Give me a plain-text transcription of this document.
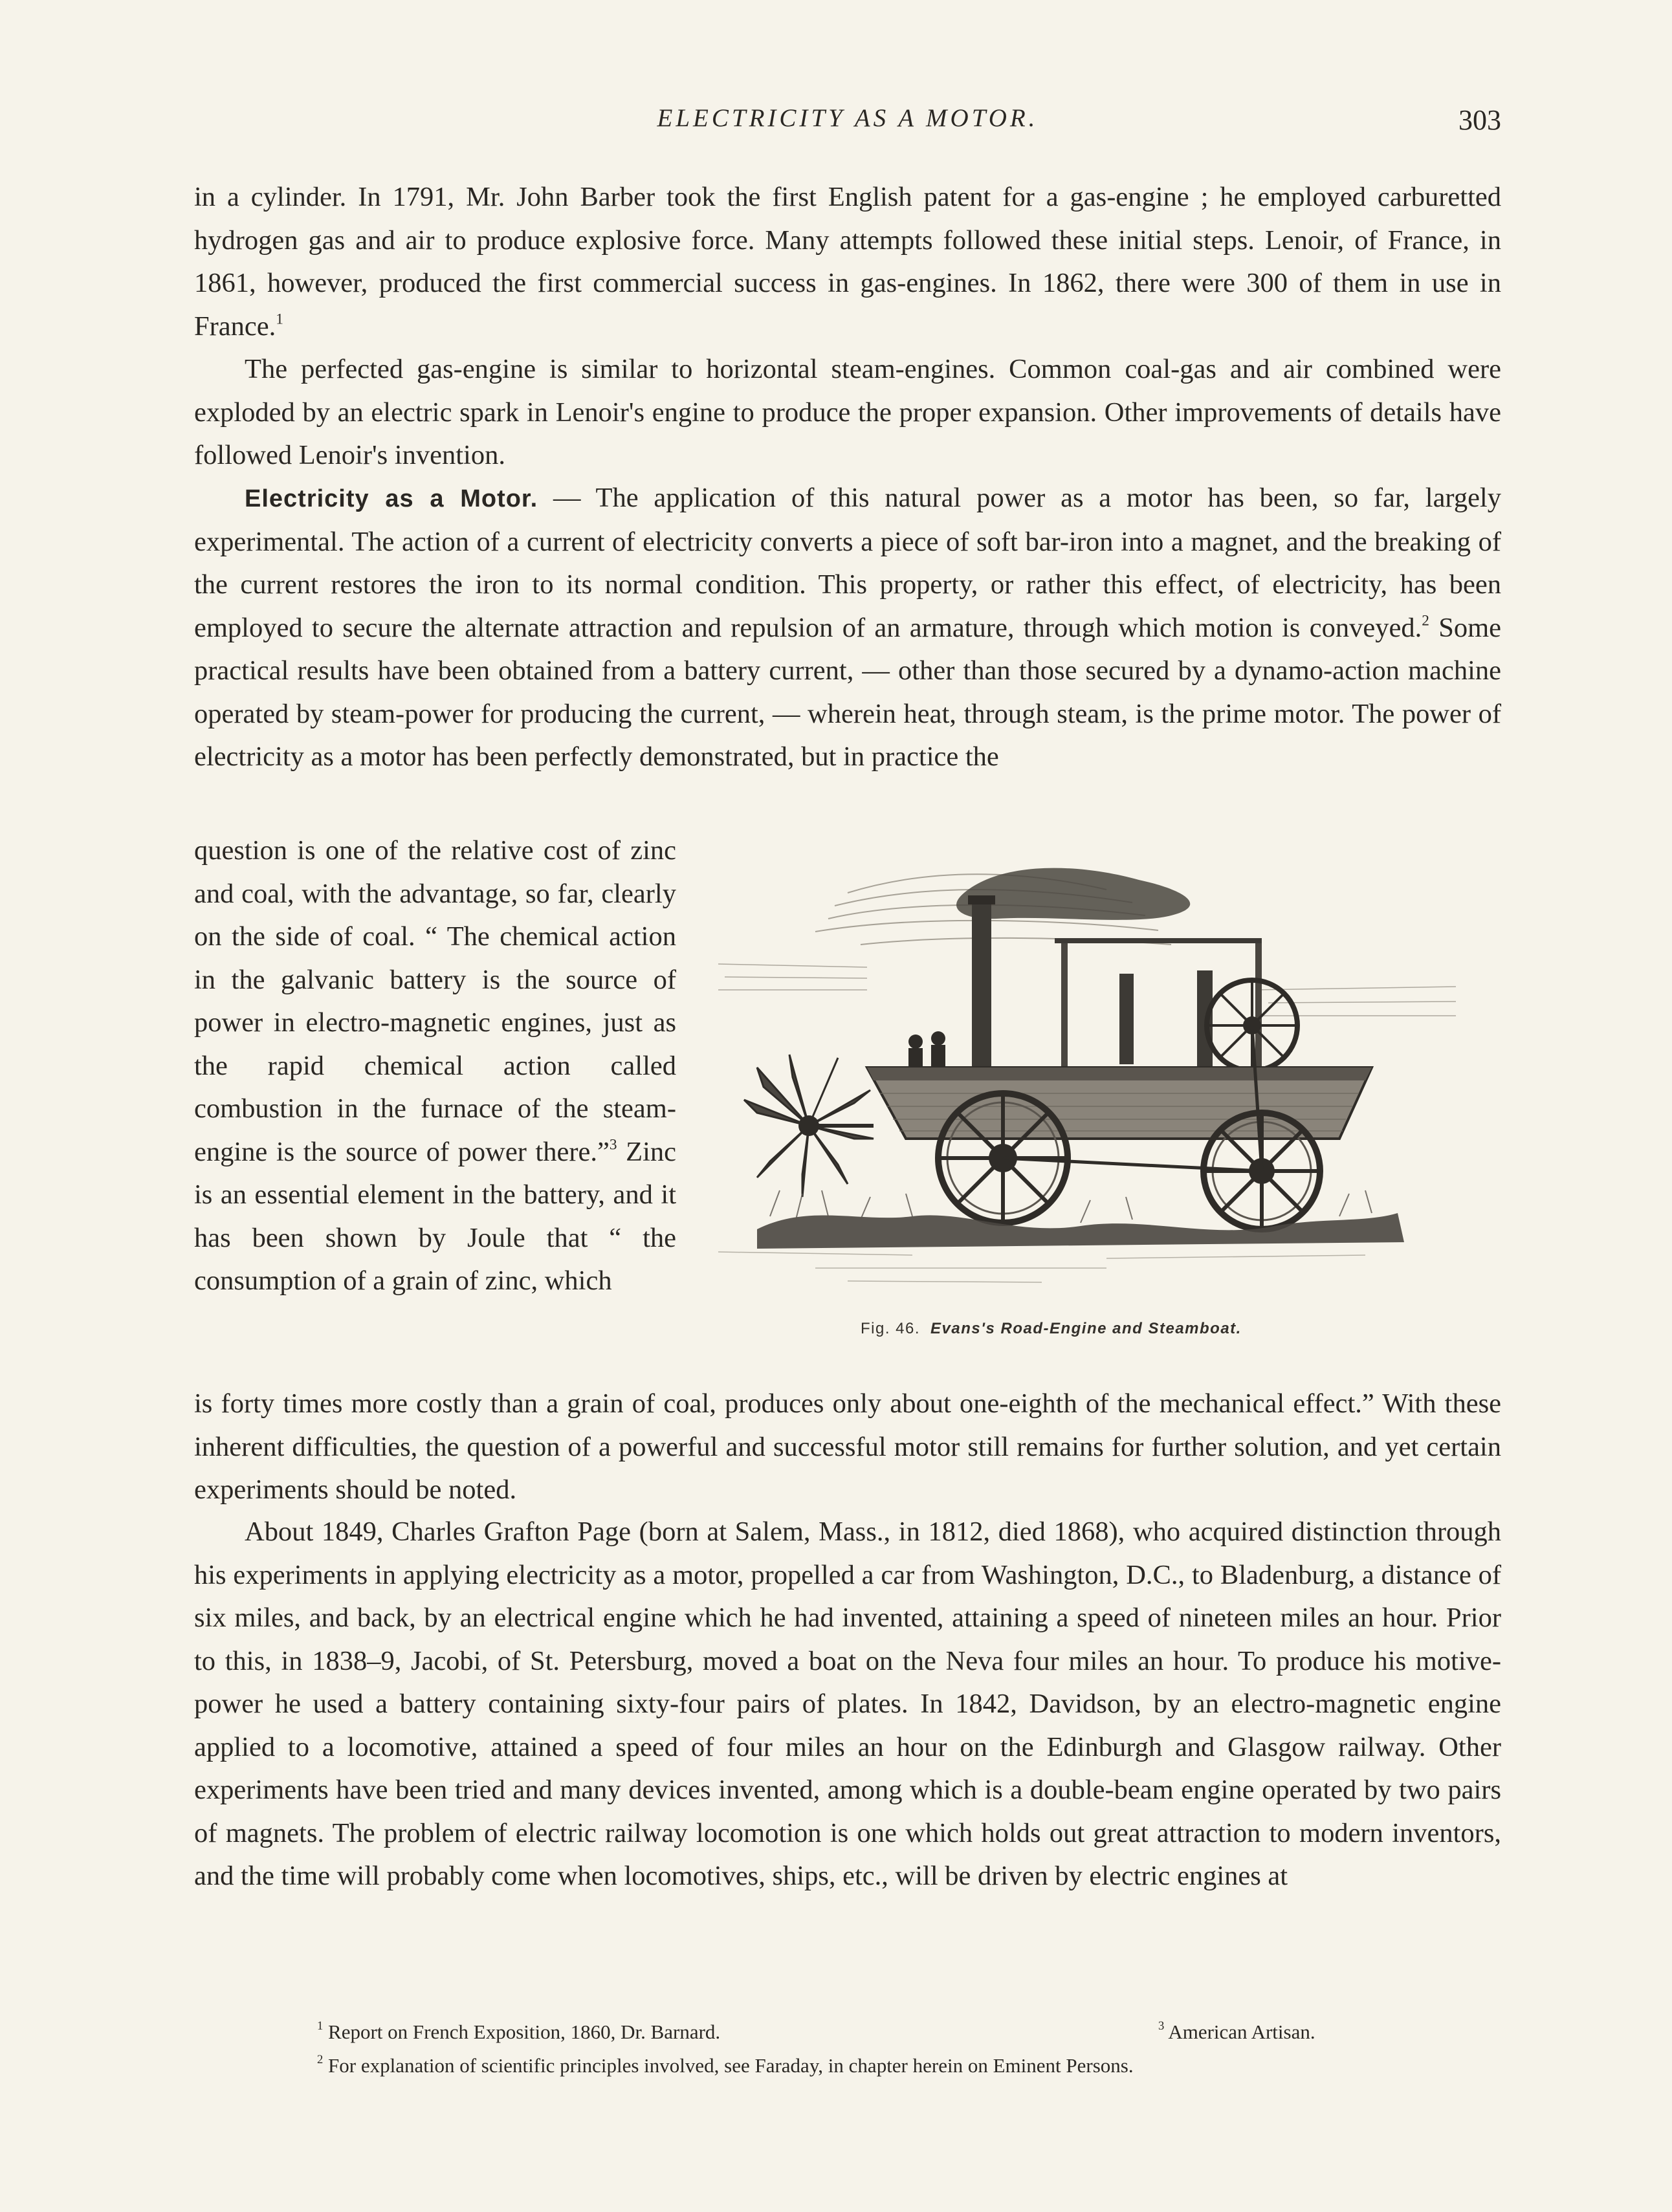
ELECTRICITY AS A MOTOR.	303

in a cylinder. In 1791, Mr. John Barber took the first English patent for a gas-engine ; he employed carburetted hydrogen gas and air to produce explosive force. Many attempts followed these initial steps. Lenoir, of France, in 1861, however, produced the first commercial success in gas-engines. In 1862, there were 300 of them in use in France.$^1$

The perfected gas-engine is similar to horizontal steam-engines. Common coal-gas and air combined were exploded by an electric spark in Lenoir's engine to produce the proper expansion. Other improvements of details have followed Lenoir's invention.

Electricity as a Motor. — The application of this natural power as a motor has been, so far, largely experimental. The action of a current of electricity converts a piece of soft bar-iron into a magnet, and the breaking of the current restores the iron to its normal condition. This property, or rather this effect, of electricity, has been employed to secure the alternate attraction and repulsion of an armature, through which motion is conveyed.$^2$ Some practical results have been obtained from a battery current, — other than those secured by a dynamo-action machine operated by steam-power for producing the current, — wherein heat, through steam, is the prime motor. The power of electricity as a motor has been perfectly demonstrated, but in practice the

question is one of the relative cost of zinc and coal, with the advantage, so far, clearly on the side of coal. “ The chemical action in the galvanic battery is the source of power in electro-magnetic engines, just as the rapid chemical action called combustion in the furnace of the steam-engine is the source of power there.”$^3$ Zinc is an essential element in the battery, and it has been shown by Joule that “ the consumption of a grain of zinc, which

Fig. 46. Evans's Road-Engine and Steamboat.

is forty times more costly than a grain of coal, produces only about one-eighth of the mechanical effect.” With these inherent difficulties, the question of a powerful and successful motor still remains for further solution, and yet certain experiments should be noted.

About 1849, Charles Grafton Page (born at Salem, Mass., in 1812, died 1868), who acquired distinction through his experiments in applying electricity as a motor, propelled a car from Washington, D.C., to Bladenburg, a distance of six miles, and back, by an electrical engine which he had invented, attaining a speed of nineteen miles an hour. Prior to this, in 1838–9, Jacobi, of St. Petersburg, moved a boat on the Neva four miles an hour. To produce his motive-power he used a battery containing sixty-four pairs of plates. In 1842, Davidson, by an electro-magnetic engine applied to a locomotive, attained a speed of four miles an hour on the Edinburgh and Glasgow railway. Other experiments have been tried and many devices invented, among which is a double-beam engine operated by two pairs of magnets. The problem of electric railway locomotion is one which holds out great attraction to modern inventors, and the time will probably come when locomotives, ships, etc., will be driven by electric engines at

$^1$ Report on French Exposition, 1860, Dr. Barnard.	$^3$ American Artisan.
$^2$ For explanation of scientific principles involved, see Faraday, in chapter herein on Eminent Persons.
